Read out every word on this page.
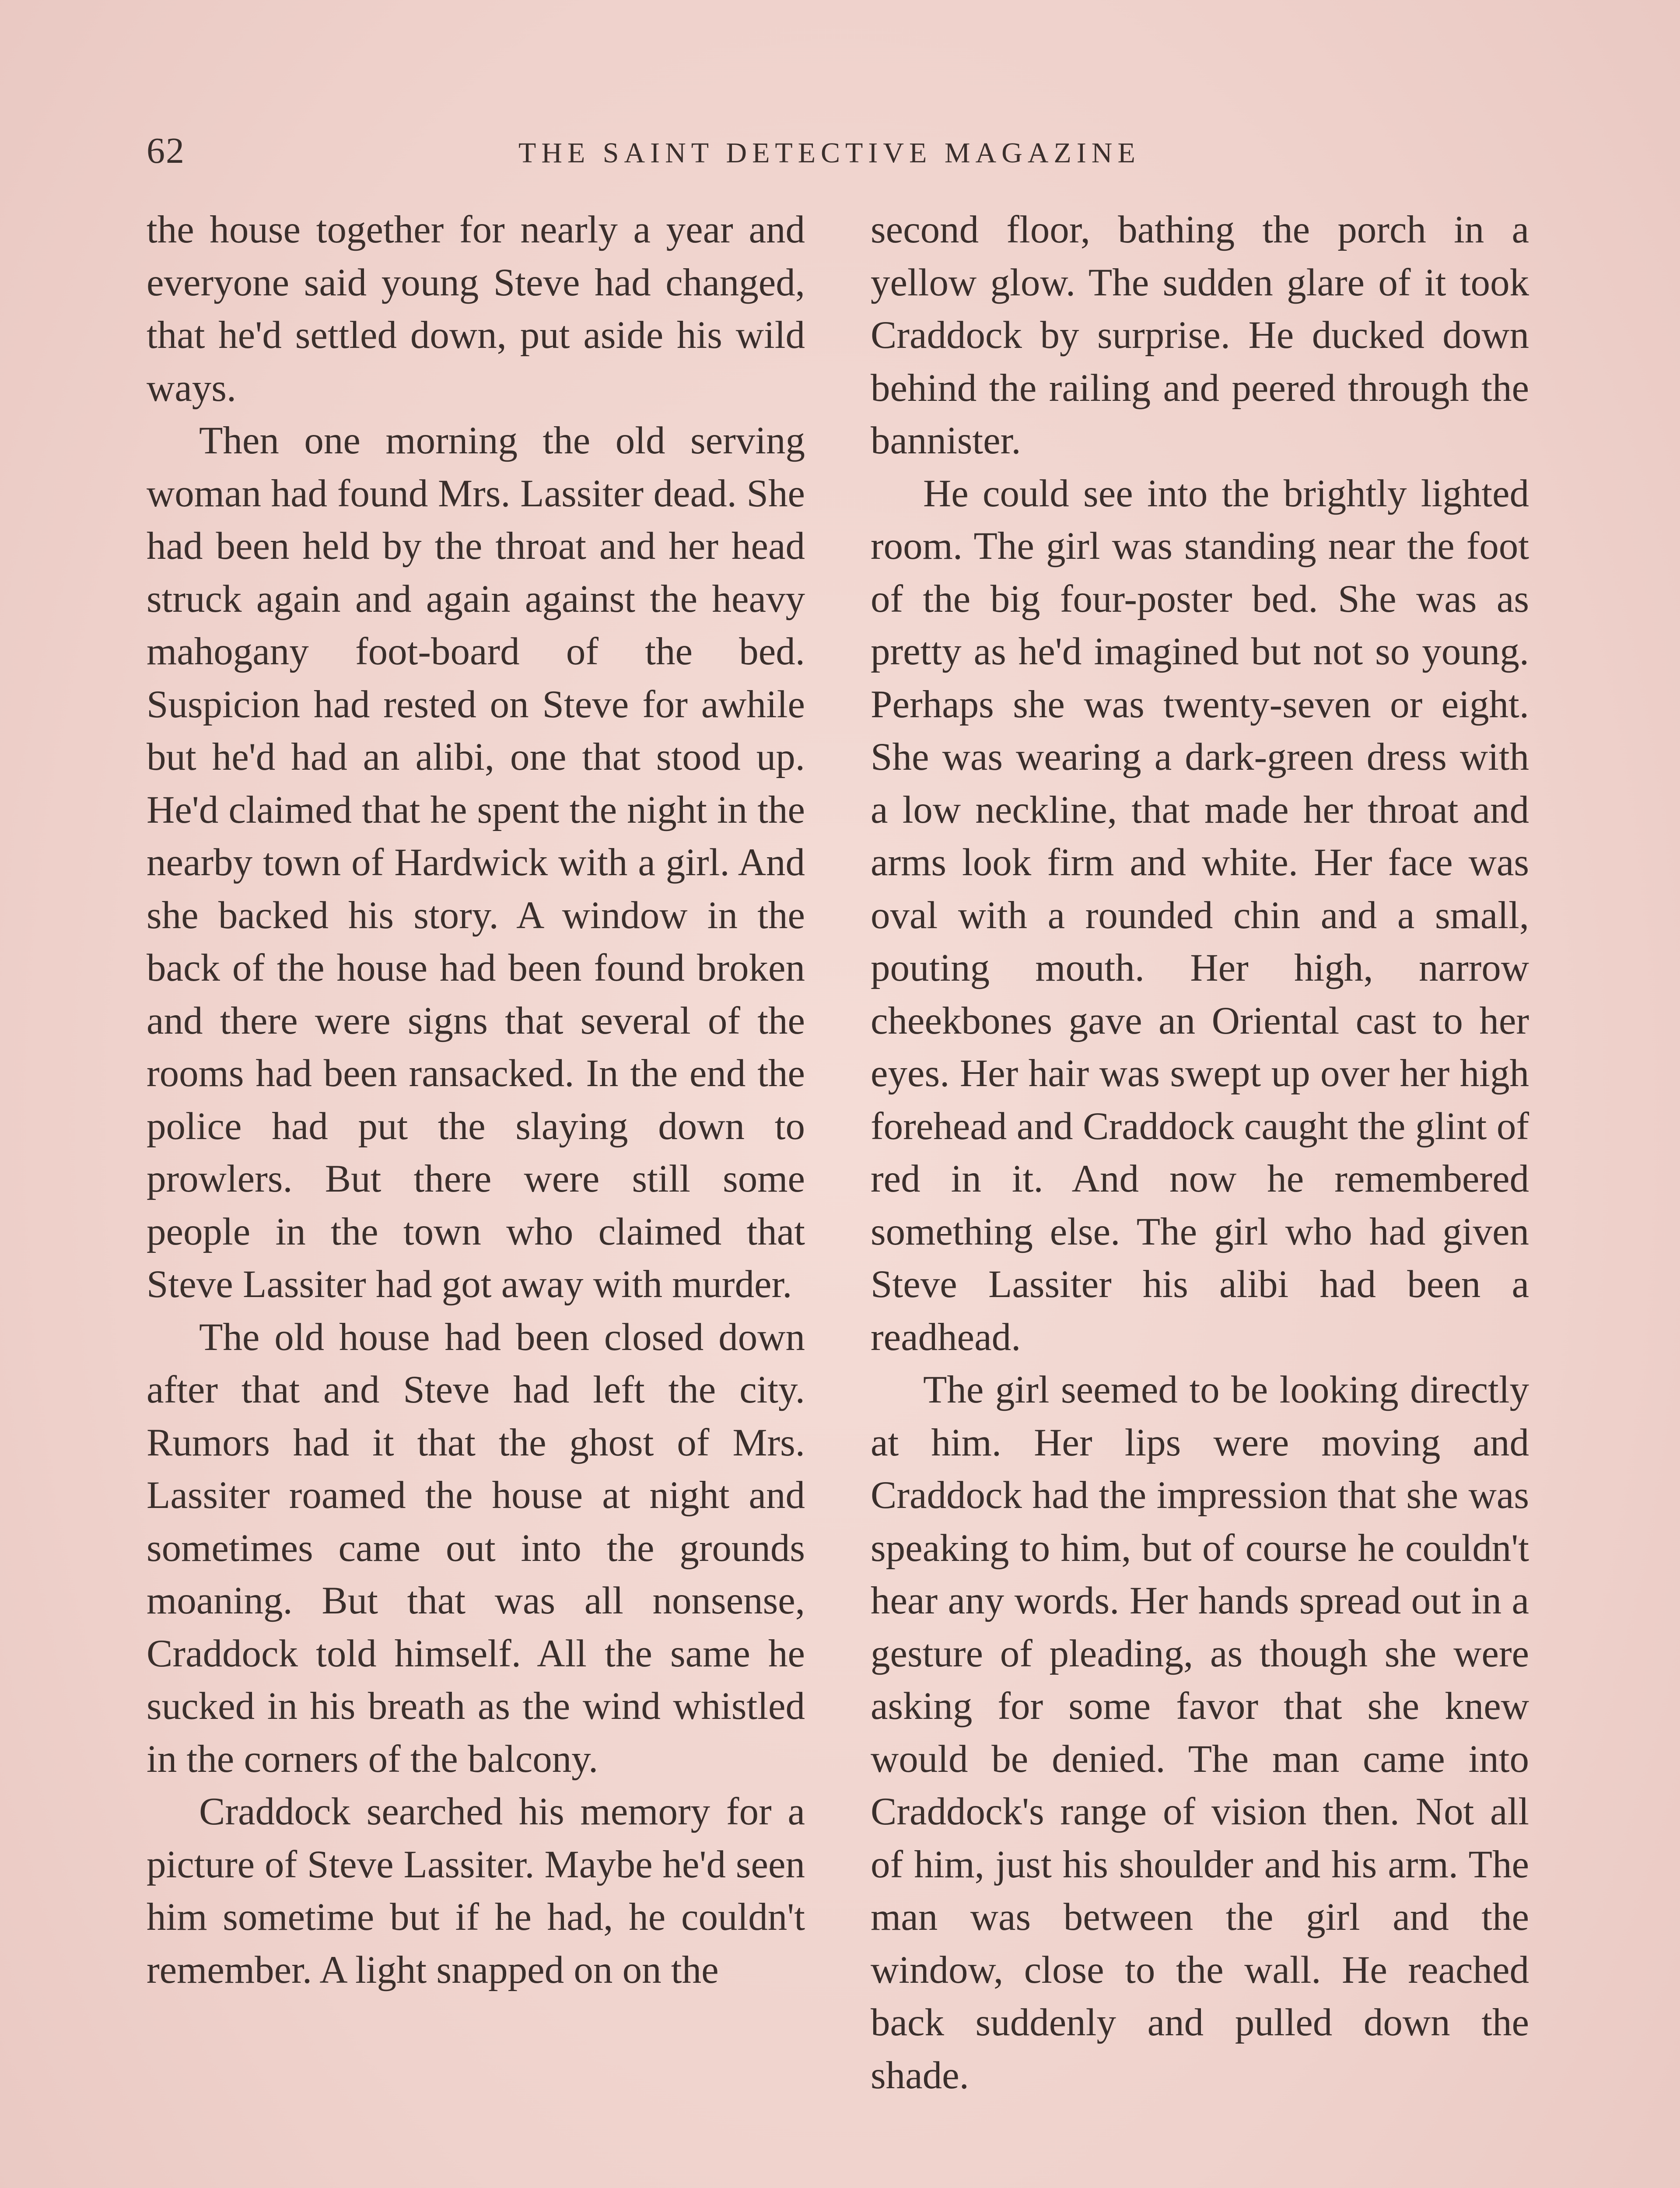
62	THE SAINT DETECTIVE MAGAZINE

the house together for nearly a year and everyone said young Steve had changed, that he'd settled down, put aside his wild ways.

Then one morning the old serving woman had found Mrs. Lassiter dead. She had been held by the throat and her head struck again and again against the heavy mahogany foot-board of the bed. Suspicion had rested on Steve for awhile but he'd had an alibi, one that stood up. He'd claimed that he spent the night in the nearby town of Hardwick with a girl. And she backed his story. A window in the back of the house had been found broken and there were signs that several of the rooms had been ransacked. In the end the police had put the slaying down to prowlers. But there were still some people in the town who claimed that Steve Lassiter had got away with murder.

The old house had been closed down after that and Steve had left the city. Rumors had it that the ghost of Mrs. Lassiter roamed the house at night and sometimes came out into the grounds moaning. But that was all nonsense, Craddock told himself. All the same he sucked in his breath as the wind whistled in the corners of the balcony.

Craddock searched his memory for a picture of Steve Lassiter. Maybe he'd seen him sometime but if he had, he couldn't remember. A light snapped on on the

second floor, bathing the porch in a yellow glow. The sudden glare of it took Craddock by surprise. He ducked down behind the railing and peered through the bannister.

He could see into the brightly lighted room. The girl was standing near the foot of the big four-poster bed. She was as pretty as he'd imagined but not so young. Perhaps she was twenty-seven or eight. She was wearing a dark-green dress with a low neckline, that made her throat and arms look firm and white. Her face was oval with a rounded chin and a small, pouting mouth. Her high, narrow cheekbones gave an Oriental cast to her eyes. Her hair was swept up over her high forehead and Craddock caught the glint of red in it. And now he remembered something else. The girl who had given Steve Lassiter his alibi had been a readhead.

The girl seemed to be looking directly at him. Her lips were moving and Craddock had the impression that she was speaking to him, but of course he couldn't hear any words. Her hands spread out in a gesture of pleading, as though she were asking for some favor that she knew would be denied. The man came into Craddock's range of vision then. Not all of him, just his shoulder and his arm. The man was between the girl and the window, close to the wall. He reached back suddenly and pulled down the shade.
